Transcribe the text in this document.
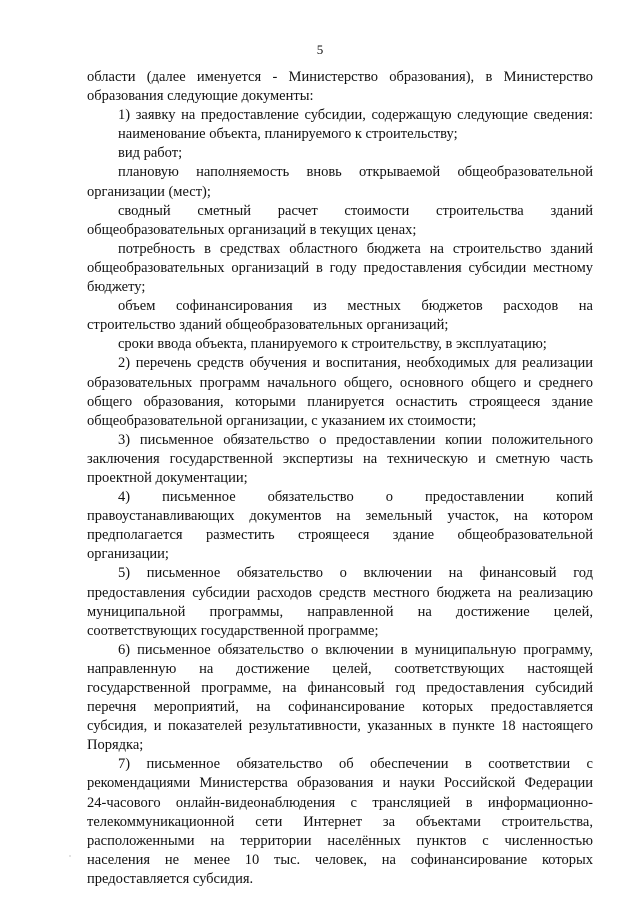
5
области (далее именуется - Министерство образования), в Министерство
образования следующие документы:
1) заявку на предоставление субсидии, содержащую следующие сведения:
наименование объекта, планируемого к строительству;
вид работ;
плановую наполняемость вновь открываемой общеобразовательной
организации (мест);
сводный сметный расчет стоимости строительства зданий
общеобразовательных организаций в текущих ценах;
потребность в средствах областного бюджета на строительство зданий
общеобразовательных организаций в году предоставления субсидии местному
бюджету;
объем софинансирования из местных бюджетов расходов на
строительство зданий общеобразовательных организаций;
сроки ввода объекта, планируемого к строительству, в эксплуатацию;
2) перечень средств обучения и воспитания, необходимых для реализации
образовательных программ начального общего, основного общего и среднего
общего образования, которыми планируется оснастить строящееся здание
общеобразовательной организации, с указанием их стоимости;
3) письменное обязательство о предоставлении копии положительного
заключения государственной экспертизы на техническую и сметную часть
проектной документации;
4) письменное обязательство о предоставлении копий
правоустанавливающих документов на земельный участок, на котором
предполагается разместить строящееся здание общеобразовательной
организации;
5) письменное обязательство о включении на финансовый год
предоставления субсидии расходов средств местного бюджета на реализацию
муниципальной программы, направленной на достижение целей,
соответствующих государственной программе;
6) письменное обязательство о включении в муниципальную программу,
направленную на достижение целей, соответствующих настоящей
государственной программе, на финансовый год предоставления субсидий
перечня мероприятий, на софинансирование которых предоставляется
субсидия, и показателей результативности, указанных в пункте 18 настоящего
Порядка;
7) письменное обязательство об обеспечении в соответствии с
рекомендациями Министерства образования и науки Российской Федерации
24-часового онлайн-видеонаблюдения с трансляцией в информационно-
телекоммуникационной сети Интернет за объектами строительства,
расположенными на территории населённых пунктов с численностью
населения не менее 10 тыс. человек, на софинансирование которых
предоставляется субсидия.
